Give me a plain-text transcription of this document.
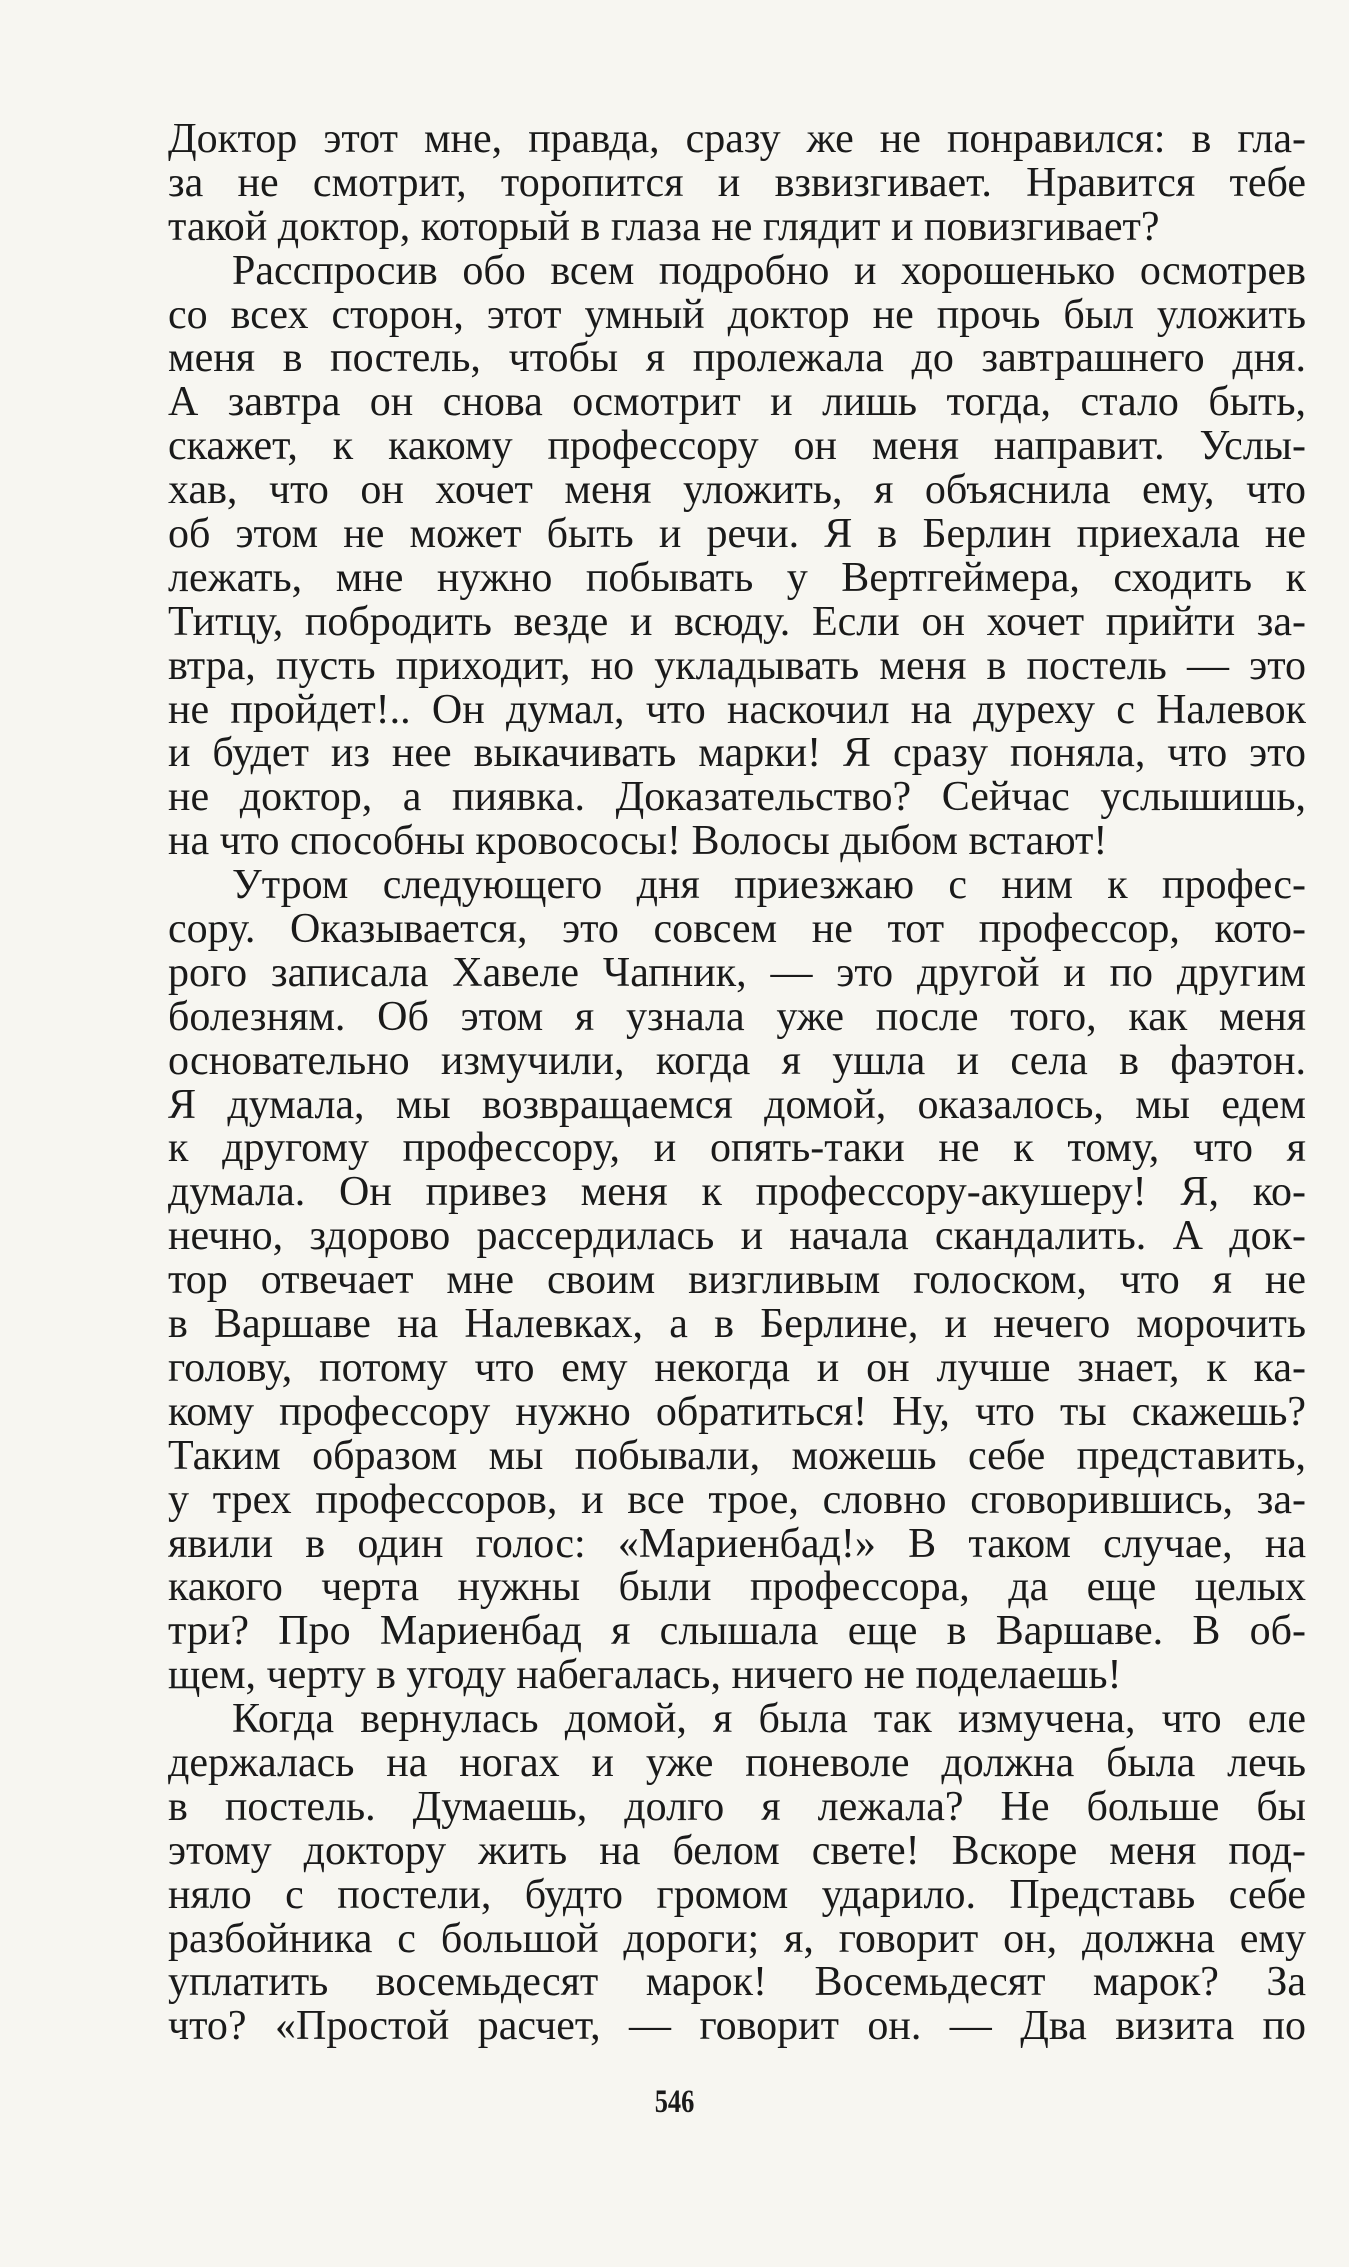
Доктор этот мне, правда, сразу же не понравился: в гла-
за не смотрит, торопится и взвизгивает. Нравится тебе
такой доктор, который в глаза не глядит и повизгивает?
Расспросив обо всем подробно и хорошенько осмотрев
со всех сторон, этот умный доктор не прочь был уложить
меня в постель, чтобы я пролежала до завтрашнего дня.
А завтра он снова осмотрит и лишь тогда, стало быть,
скажет, к какому профессору он меня направит. Услы-
хав, что он хочет меня уложить, я объяснила ему, что
об этом не может быть и речи. Я в Берлин приехала не
лежать, мне нужно побывать у Вертгеймера, сходить к
Титцу, побродить везде и всюду. Если он хочет прийти за-
втра, пусть приходит, но укладывать меня в постель — это
не пройдет!.. Он думал, что наскочил на дуреху с Налевок
и будет из нее выкачивать марки! Я сразу поняла, что это
не доктор, а пиявка. Доказательство? Сейчас услышишь,
на что способны кровососы! Волосы дыбом встают!
Утром следующего дня приезжаю с ним к профес-
сору. Оказывается, это совсем не тот профессор, кото-
рого записала Хавеле Чапник, — это другой и по другим
болезням. Об этом я узнала уже после того, как меня
основательно измучили, когда я ушла и села в фаэтон.
Я думала, мы возвращаемся домой, оказалось, мы едем
к другому профессору, и опять-таки не к тому, что я
думала. Он привез меня к профессору-акушеру! Я, ко-
нечно, здорово рассердилась и начала скандалить. А док-
тор отвечает мне своим визгливым голоском, что я не
в Варшаве на Налевках, а в Берлине, и нечего морочить
голову, потому что ему некогда и он лучше знает, к ка-
кому профессору нужно обратиться! Ну, что ты скажешь?
Таким образом мы побывали, можешь себе представить,
у трех профессоров, и все трое, словно сговорившись, за-
явили в один голос: «Мариенбад!» В таком случае, на
какого черта нужны были профессора, да еще целых
три? Про Мариенбад я слышала еще в Варшаве. В об-
щем, черту в угоду набегалась, ничего не поделаешь!
Когда вернулась домой, я была так измучена, что еле
держалась на ногах и уже поневоле должна была лечь
в постель. Думаешь, долго я лежала? Не больше бы
этому доктору жить на белом свете! Вскоре меня под-
няло с постели, будто громом ударило. Представь себе
разбойника с большой дороги; я, говорит он, должна ему
уплатить восемьдесят марок! Восемьдесят марок? За
что? «Простой расчет, — говорит он. — Два визита по
546
